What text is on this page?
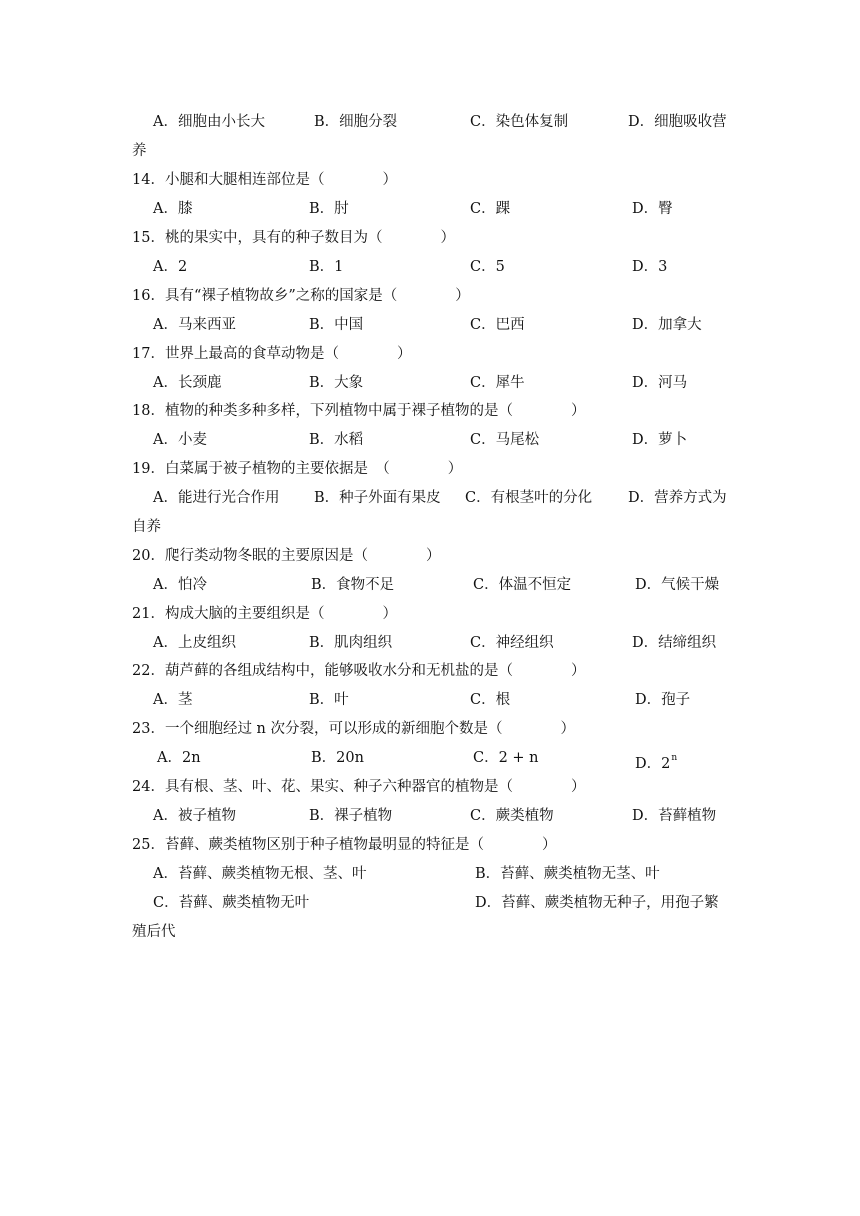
A．细胞由小长大	B．细胞分裂	C．染色体复制	D．细胞吸收营
养
14．小腿和大腿相连部位是（　　　　）
A．膝	B．肘	C．踝	D．臀
15．桃的果实中，具有的种子数目为（　　　　）
A．2	B．1	C．5	D．3
16．具有“裸子植物故乡”之称的国家是（　　　　）
A．马来西亚	B．中国	C．巴西	D．加拿大
17．世界上最高的食草动物是（　　　　）
A．长颈鹿	B．大象	C．犀牛	D．河马
18．植物的种类多种多样，下列植物中属于裸子植物的是（　　　　）
A．小麦	B．水稻	C．马尾松	D．萝卜
19．白菜属于被子植物的主要依据是　（　　　　）
A．能进行光合作用 B．种子外面有果皮 C．有根茎叶的分化 D．营养方式为
自养
20．爬行类动物冬眠的主要原因是（　　　　）
A．怕冷	B．食物不足	C．体温不恒定	D．气候干燥
21．构成大脑的主要组织是（　　　　）
A．上皮组织	B．肌肉组织	C．神经组织	D．结缔组织
22．葫芦藓的各组成结构中，能够吸收水分和无机盐的是（　　　　）
A．茎	B．叶	C．根	D．孢子
23．一个细胞经过 n 次分裂，可以形成的新细胞个数是（　　　　）
A．2n	B．20n	C．2 + n	D．2$^n$
24．具有根、茎、叶、花、果实、种子六种器官的植物是（　　　　）
A．被子植物	B．裸子植物	C．蕨类植物	D．苔藓植物
25．苔藓、蕨类植物区别于种子植物最明显的特征是（　　　　）
A．苔藓、蕨类植物无根、茎、叶	B．苔藓、蕨类植物无茎、叶
C．苔藓、蕨类植物无叶	D．苔藓、蕨类植物无种子，用孢子繁
殖后代
